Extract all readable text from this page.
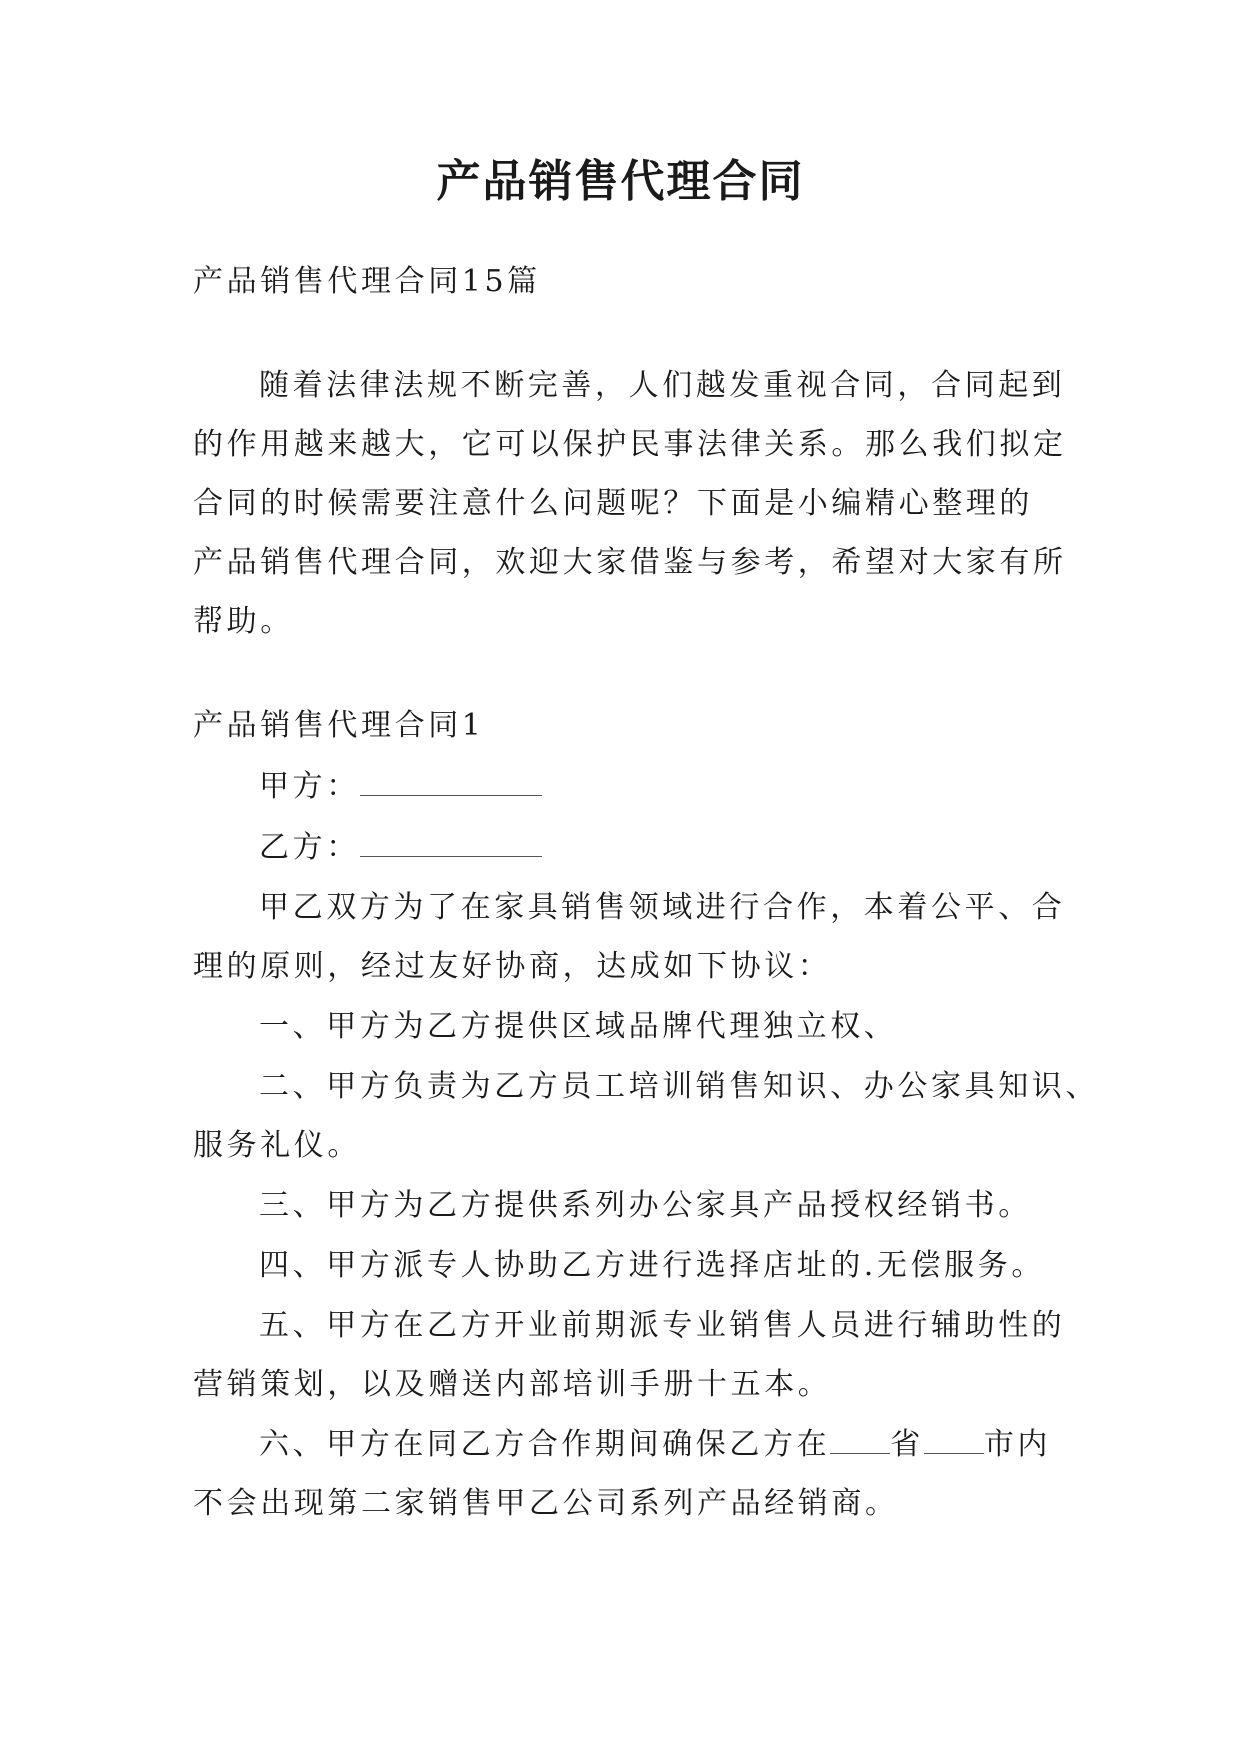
产品销售代理合同
产品销售代理合同15篇
随着法律法规不断完善，人们越发重视合同，合同起到
的作用越来越大，它可以保护民事法律关系。那么我们拟定
合同的时候需要注意什么问题呢？下面是小编精心整理的
产品销售代理合同，欢迎大家借鉴与参考，希望对大家有所
帮助。
产品销售代理合同1
甲方：
乙方：
甲乙双方为了在家具销售领域进行合作，本着公平、合
理的原则，经过友好协商，达成如下协议：
一、甲方为乙方提供区域品牌代理独立权、
二、甲方负责为乙方员工培训销售知识、办公家具知识、
服务礼仪。
三、甲方为乙方提供系列办公家具产品授权经销书。
四、甲方派专人协助乙方进行选择店址的.无偿服务。
五、甲方在乙方开业前期派专业销售人员进行辅助性的
营销策划，以及赠送内部培训手册十五本。
六、甲方在同乙方合作期间确保乙方在 省 市内
不会出现第二家销售甲乙公司系列产品经销商。
